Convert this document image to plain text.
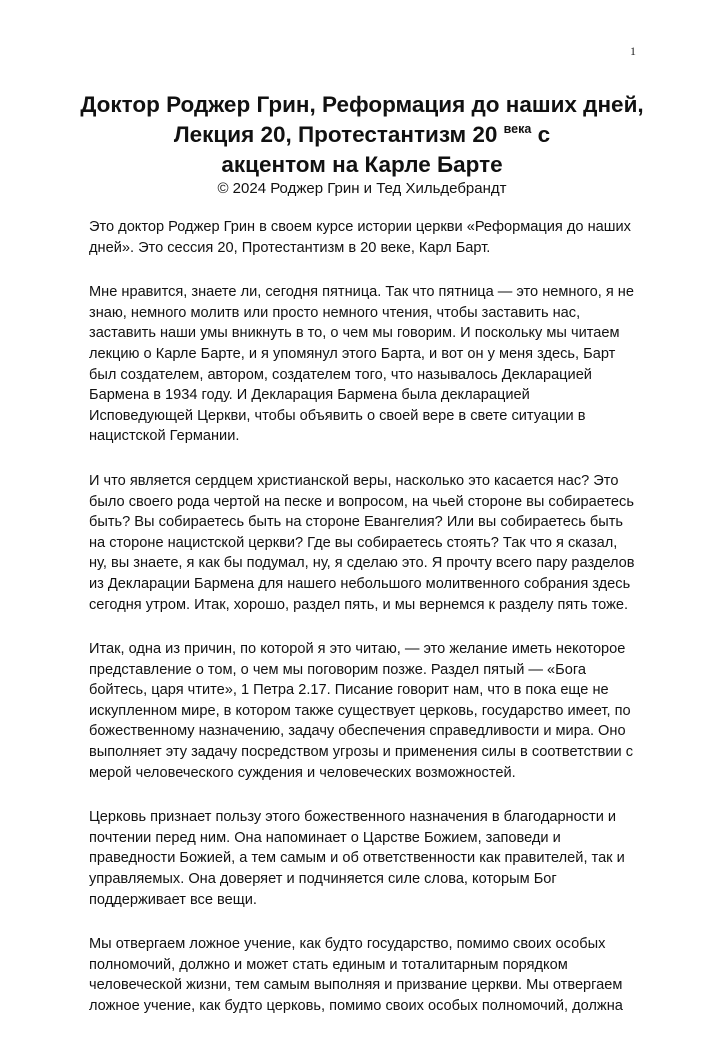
1
Доктор Роджер Грин, Реформация до наших дней, Лекция 20, Протестантизм 20 $^{века}$ с
акцентом на Карле Барте
© 2024 Роджер Грин и Тед Хильдебрандт

Это доктор Роджер Грин в своем курсе истории церкви «Реформация до наших дней». Это сессия 20, Протестантизм в 20 веке, Карл Барт.

Мне нравится, знаете ли, сегодня пятница. Так что пятница — это немного, я не знаю, немного молитв или просто немного чтения, чтобы заставить нас, заставить наши умы вникнуть в то, о чем мы говорим. И поскольку мы читаем лекцию о Карле Барте, и я упомянул этого Барта, и вот он у меня здесь, Барт был создателем, автором, создателем того, что называлось Декларацией Бармена в 1934 году. И Декларация Бармена была декларацией Исповедующей Церкви, чтобы объявить о своей вере в свете ситуации в нацистской Германии.

И что является сердцем христианской веры, насколько это касается нас? Это было своего рода чертой на песке и вопросом, на чьей стороне вы собираетесь быть? Вы собираетесь быть на стороне Евангелия? Или вы собираетесь быть на стороне нацистской церкви? Где вы собираетесь стоять? Так что я сказал, ну, вы знаете, я как бы подумал, ну, я сделаю это. Я прочту всего пару разделов из Декларации Бармена для нашего небольшого молитвенного собрания здесь сегодня утром. Итак, хорошо, раздел пять, и мы вернемся к разделу пять тоже.

Итак, одна из причин, по которой я это читаю, — это желание иметь некоторое представление о том, о чем мы поговорим позже. Раздел пятый — «Бога бойтесь, царя чтите», 1 Петра 2.17. Писание говорит нам, что в пока еще не искупленном мире, в котором также существует церковь, государство имеет, по божественному назначению, задачу обеспечения справедливости и мира. Оно выполняет эту задачу посредством угрозы и применения силы в соответствии с мерой человеческого суждения и человеческих возможностей.

Церковь признает пользу этого божественного назначения в благодарности и почтении перед ним. Она напоминает о Царстве Божием, заповеди и праведности Божией, а тем самым и об ответственности как правителей, так и управляемых. Она доверяет и подчиняется силе слова, которым Бог поддерживает все вещи.

Мы отвергаем ложное учение, как будто государство, помимо своих особых полномочий, должно и может стать единым и тоталитарным порядком человеческой жизни, тем самым выполняя и призвание церкви. Мы отвергаем ложное учение, как будто церковь, помимо своих особых полномочий, должна
